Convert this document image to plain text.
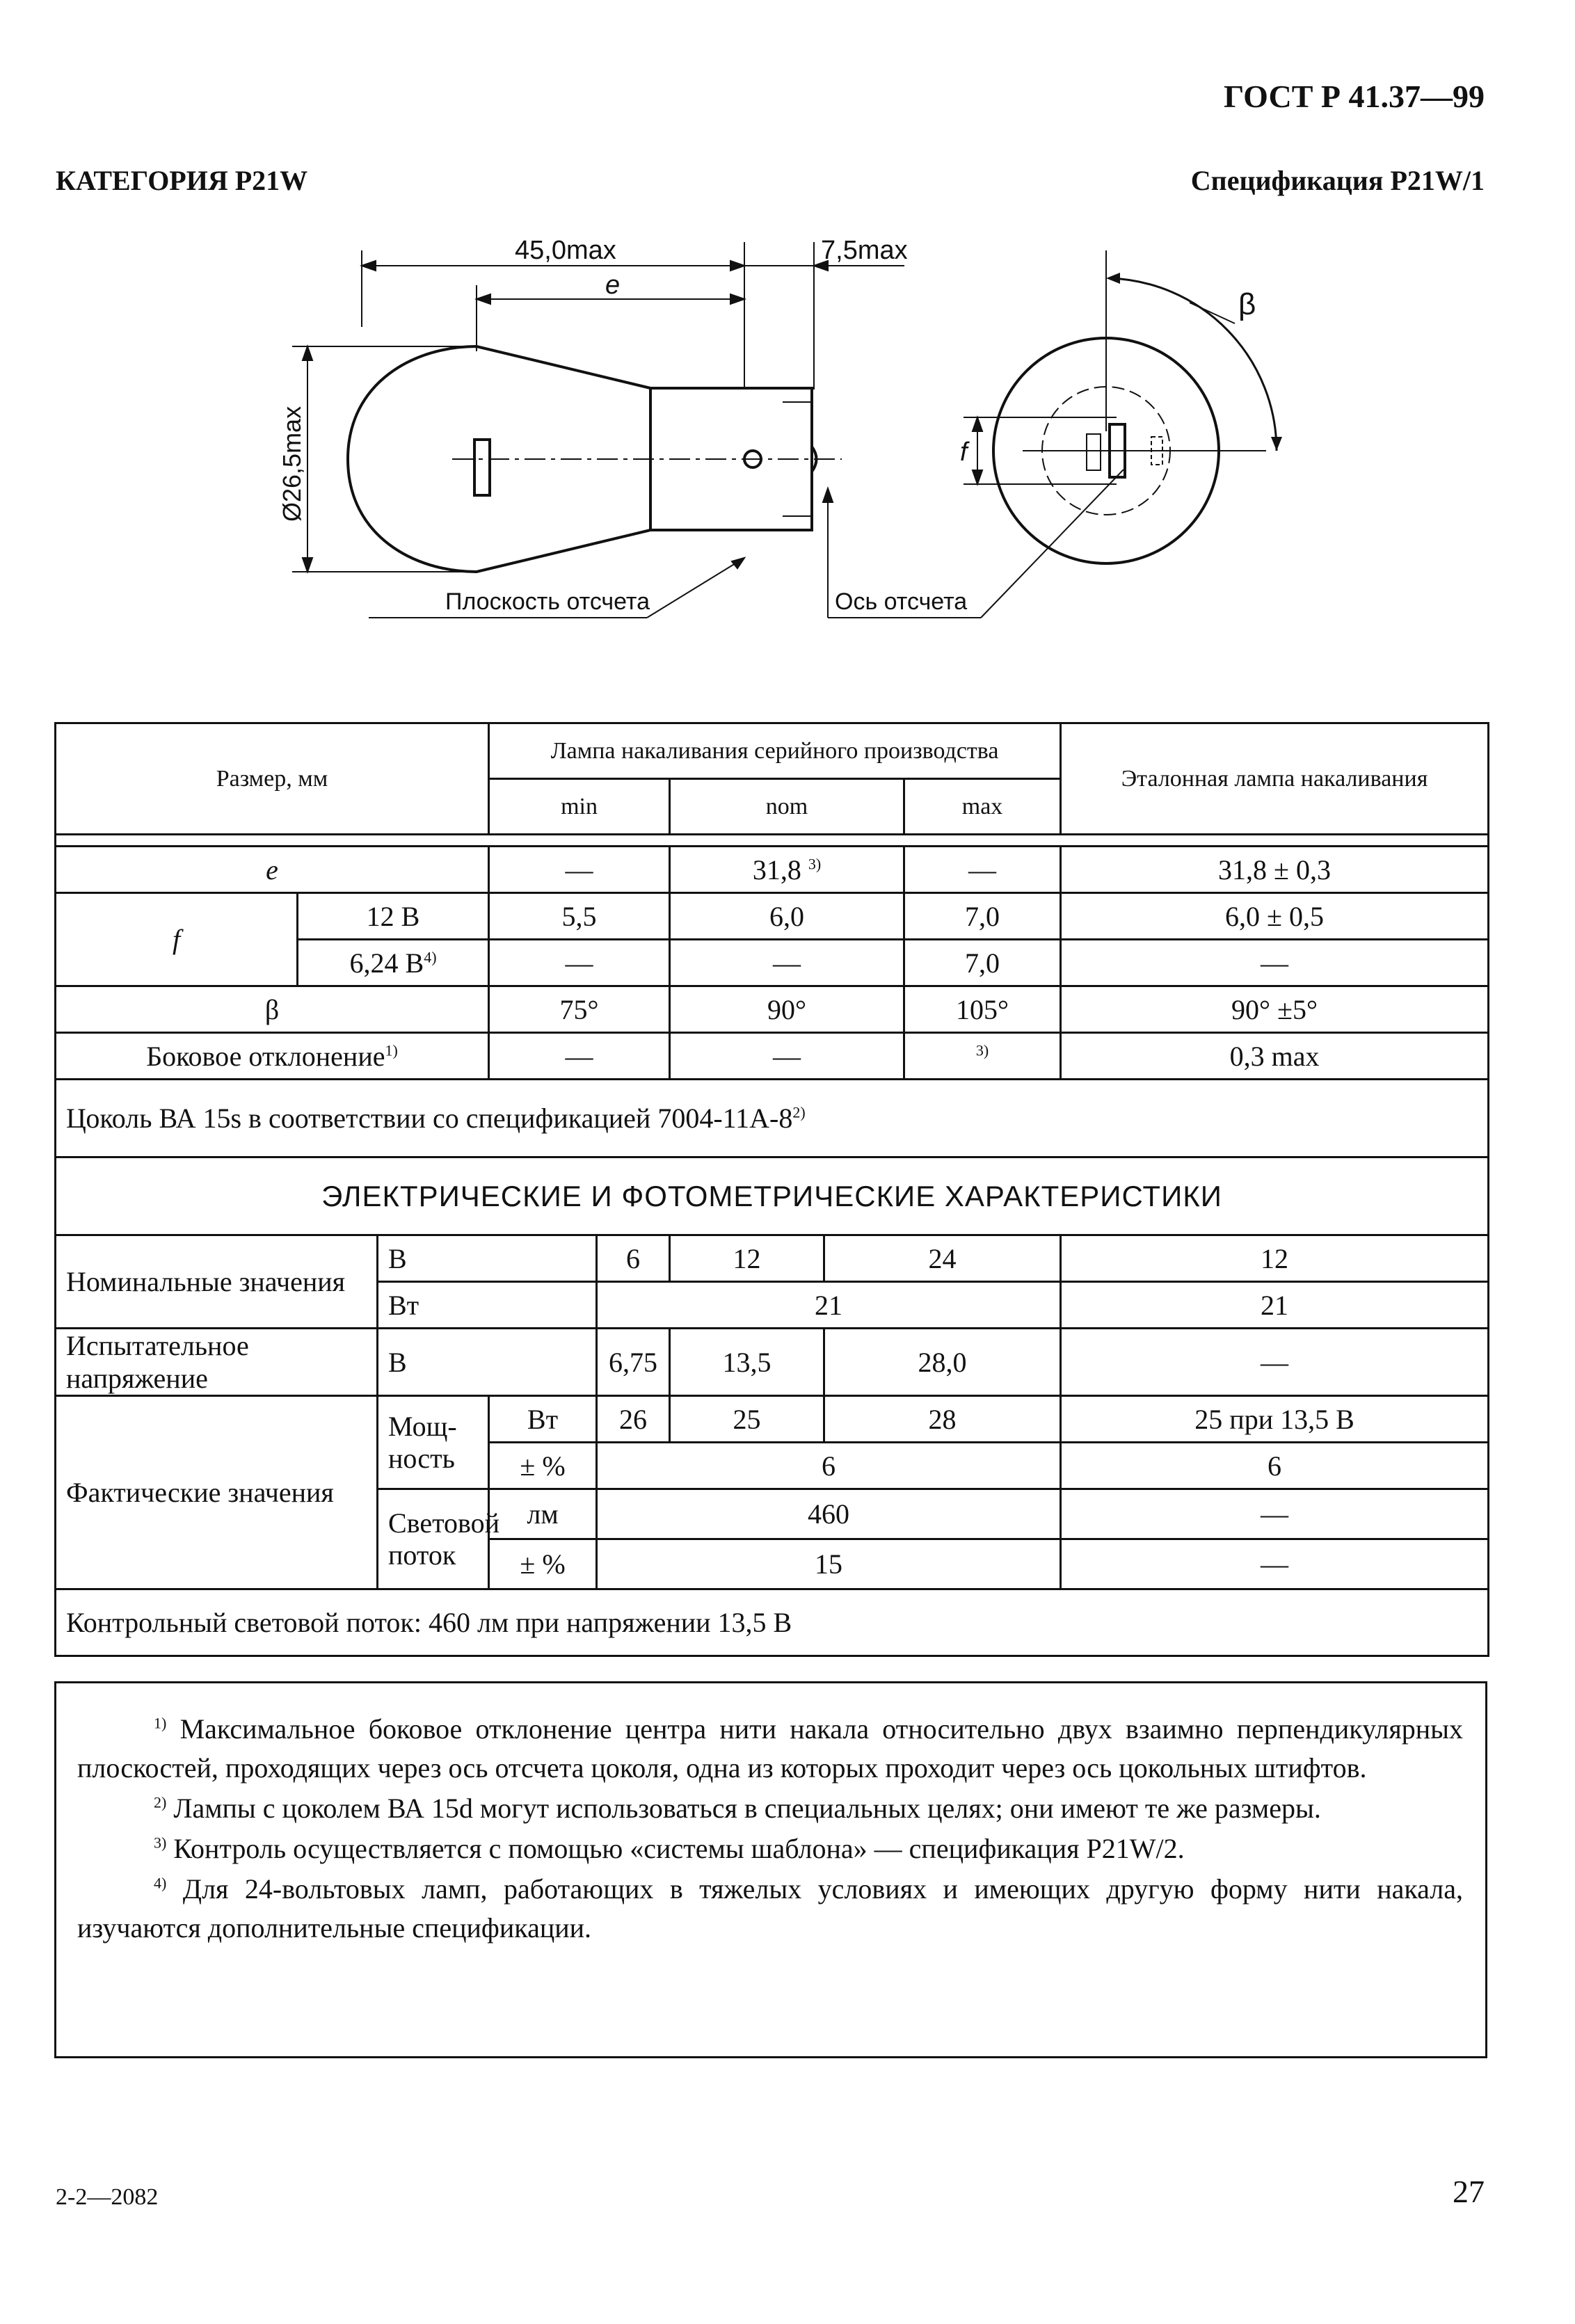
ГОСТ Р 41.37—99
КАТЕГОРИЯ P21W	Спецификация P21W/1
45,0max
e
7,5max
Ø26,5max
Плоскость отсчета	Ось отсчета
f
β
Размер, мм			Лампа накаливания серийного производства					Эталонная лампа накаливания
			min		nom		max	

e			—		31,8 $^{3)}$		—	31,8 ± 0,3
f	12 В		5,5		6,0		7,0	6,0 ± 0,5
	6,24 $В^{4)}$		—		—		7,0	—
β			75°		90°		105°	90° ±5°
Боковое отклонение$^{1)}$			—		—		$^{3)}$	0,3 max
Цоколь ВА 15s в соответствии со спецификацией 7004-11А-8$^{2)}$
ЭЛЕКТРИЧЕСКИЕ И ФОТОМЕТРИЧЕСКИЕ ХАРАКТЕРИСТИКИ								
Номинальные значения		В		6	12	24		12
		Вт		21				21
Испытательное напряжение		В		6,75	13,5	28,0		—
Фактические значения		Мощ-ность	Вт	26	25	28		25 при 13,5 В
			± %	6				6
		Световой поток	лм	460				—
			± %	15				—
Контрольный световой поток: 460 лм при напряжении 13,5 В								

$^{1)}$ Максимальное боковое отклонение центра нити накала относительно двух взаимно перпендикулярных плоскостей, проходящих через ось отсчета цоколя, одна из которых проходит через ось цокольных штифтов.

$^{2)}$ Лампы с цоколем ВА 15d могут использоваться в специальных целях; они имеют те же размеры.

$^{3)}$ Контроль осуществляется с помощью «системы шаблона» — спецификация P21W/2.

$^{4)}$ Для 24-вольтовых ламп, работающих в тяжелых условиях и имеющих другую форму нити накала, изучаются дополнительные спецификации.

2-2—2082	27
